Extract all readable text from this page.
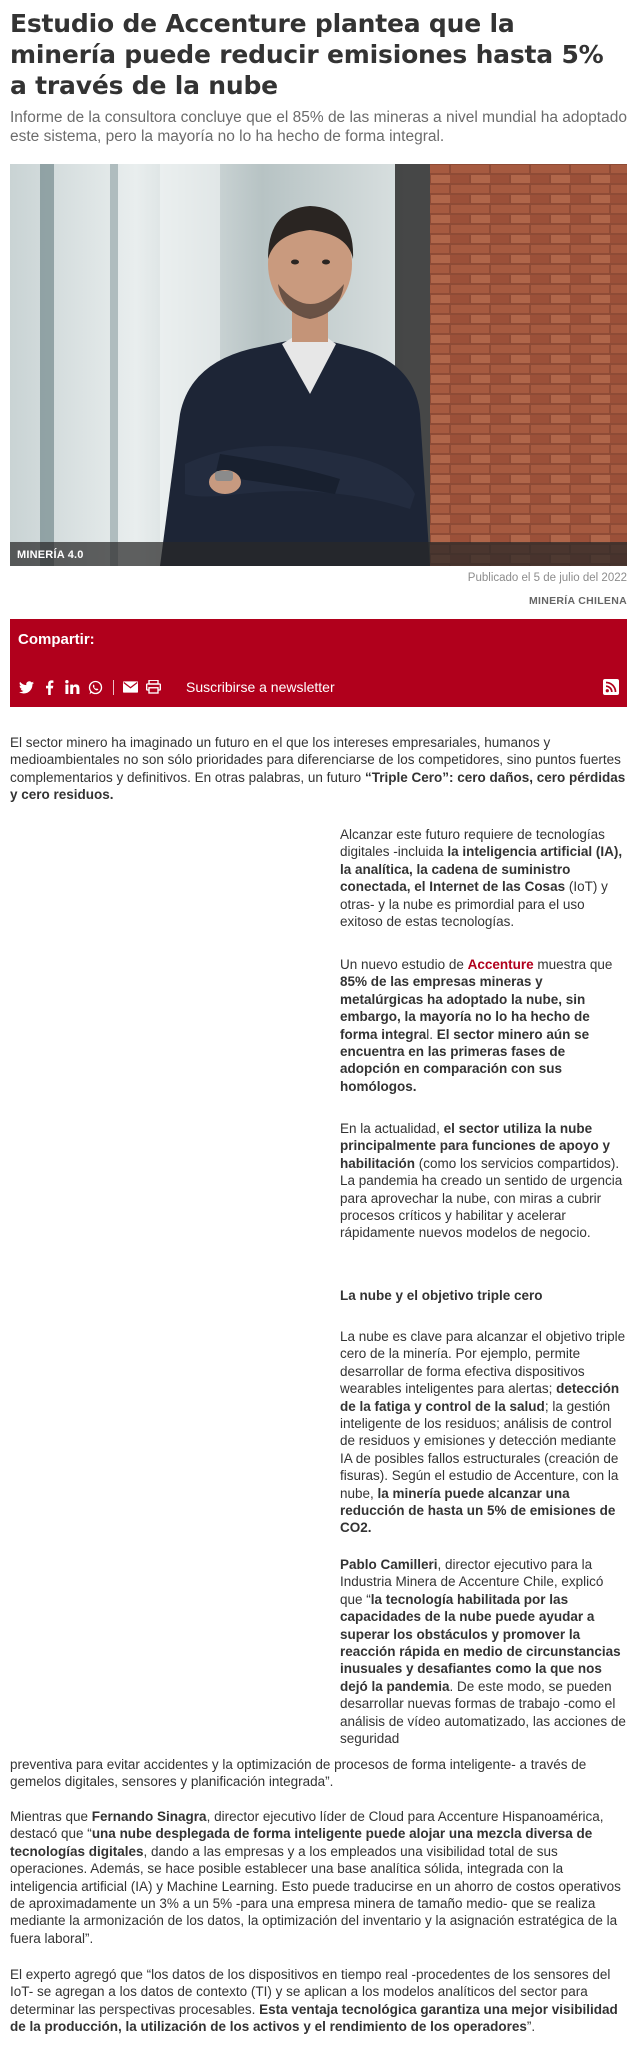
Estudio de Accenture plantea que la minería puede reducir emisiones hasta 5% a través de la nube

Informe de la consultora concluye que el 85% de las mineras a nivel mundial ha adoptado este sistema, pero la mayoría no lo ha hecho de forma integral.

MINERÍA 4.0
Publicado el 5 de julio del 2022
MINERÍA CHILENA
Compartir:
Suscribirse a newsletter

El sector minero ha imaginado un futuro en el que los intereses empresariales, humanos y medioambientales no son sólo prioridades para diferenciarse de los competidores, sino puntos fuertes complementarios y definitivos. En otras palabras, un futuro “Triple Cero”: cero daños, cero pérdidas y cero residuos.

Alcanzar este futuro requiere de tecnologías digitales -incluida la inteligencia artificial (IA), la analítica, la cadena de suministro conectada, el Internet de las Cosas (IoT) y otras- y la nube es primordial para el uso exitoso de estas tecnologías.

Un nuevo estudio de Accenture muestra que 85% de las empresas mineras y metalúrgicas ha adoptado la nube, sin embargo, la mayoría no lo ha hecho de forma integral. El sector minero aún se encuentra en las primeras fases de adopción en comparación con sus homólogos.

En la actualidad, el sector utiliza la nube principalmente para funciones de apoyo y habilitación (como los servicios compartidos). La pandemia ha creado un sentido de urgencia para aprovechar la nube, con miras a cubrir procesos críticos y habilitar y acelerar rápidamente nuevos modelos de negocio.

La nube y el objetivo triple cero

La nube es clave para alcanzar el objetivo triple cero de la minería. Por ejemplo, permite desarrollar de forma efectiva dispositivos wearables inteligentes para alertas; detección de la fatiga y control de la salud; la gestión inteligente de los residuos; análisis de control de residuos y emisiones y detección mediante IA de posibles fallos estructurales (creación de fisuras). Según el estudio de Accenture, con la nube, la minería puede alcanzar una reducción de hasta un 5% de emisiones de CO2.

Pablo Camilleri, director ejecutivo para la Industria Minera de Accenture Chile, explicó que “la tecnología habilitada por las capacidades de la nube puede ayudar a superar los obstáculos y promover la reacción rápida en medio de circunstancias inusuales y desafiantes como la que nos dejó la pandemia. De este modo, se pueden desarrollar nuevas formas de trabajo -como el análisis de vídeo automatizado, las acciones de seguridad

preventiva para evitar accidentes y la optimización de procesos de forma inteligente- a través de gemelos digitales, sensores y planificación integrada”.

Mientras que Fernando Sinagra, director ejecutivo líder de Cloud para Accenture Hispanoamérica, destacó que “una nube desplegada de forma inteligente puede alojar una mezcla diversa de tecnologías digitales, dando a las empresas y a los empleados una visibilidad total de sus operaciones. Además, se hace posible establecer una base analítica sólida, integrada con la inteligencia artificial (IA) y Machine Learning. Esto puede traducirse en un ahorro de costos operativos de aproximadamente un 3% a un 5% -para una empresa minera de tamaño medio- que se realiza mediante la armonización de los datos, la optimización del inventario y la asignación estratégica de la fuera laboral”.

El experto agregó que “los datos de los dispositivos en tiempo real -procedentes de los sensores del IoT- se agregan a los datos de contexto (TI) y se aplican a los modelos analíticos del sector para determinar las perspectivas procesables. Esta ventaja tecnológica garantiza una mejor visibilidad de la producción, la utilización de los activos y el rendimiento de los operadores”.
